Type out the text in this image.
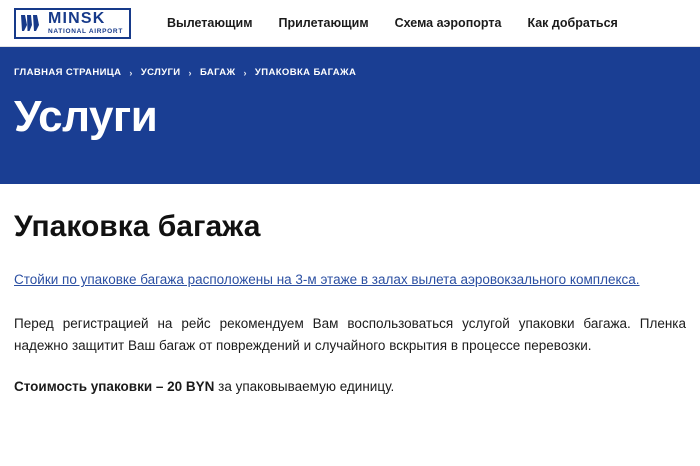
MINSK
NATIONAL AIRPORT
Вылетающим Прилетающим Схема аэропорта Как добраться
ГЛАВНАЯ СТРАНИЦА › УСЛУГИ › БАГАЖ › УПАКОВКА БАГАЖА
Услуги
Упаковка багажа
Стойки по упаковке багажа расположены на 3-м этаже в залах вылета аэровокзального комплекса.

Перед регистрацией на рейс рекомендуем Вам воспользоваться услугой упаковки багажа. Пленка надежно защитит Ваш багаж от повреждений и случайного вскрытия в процессе перевозки.

Стоимость упаковки – 20 BYN за упаковываемую единицу.
